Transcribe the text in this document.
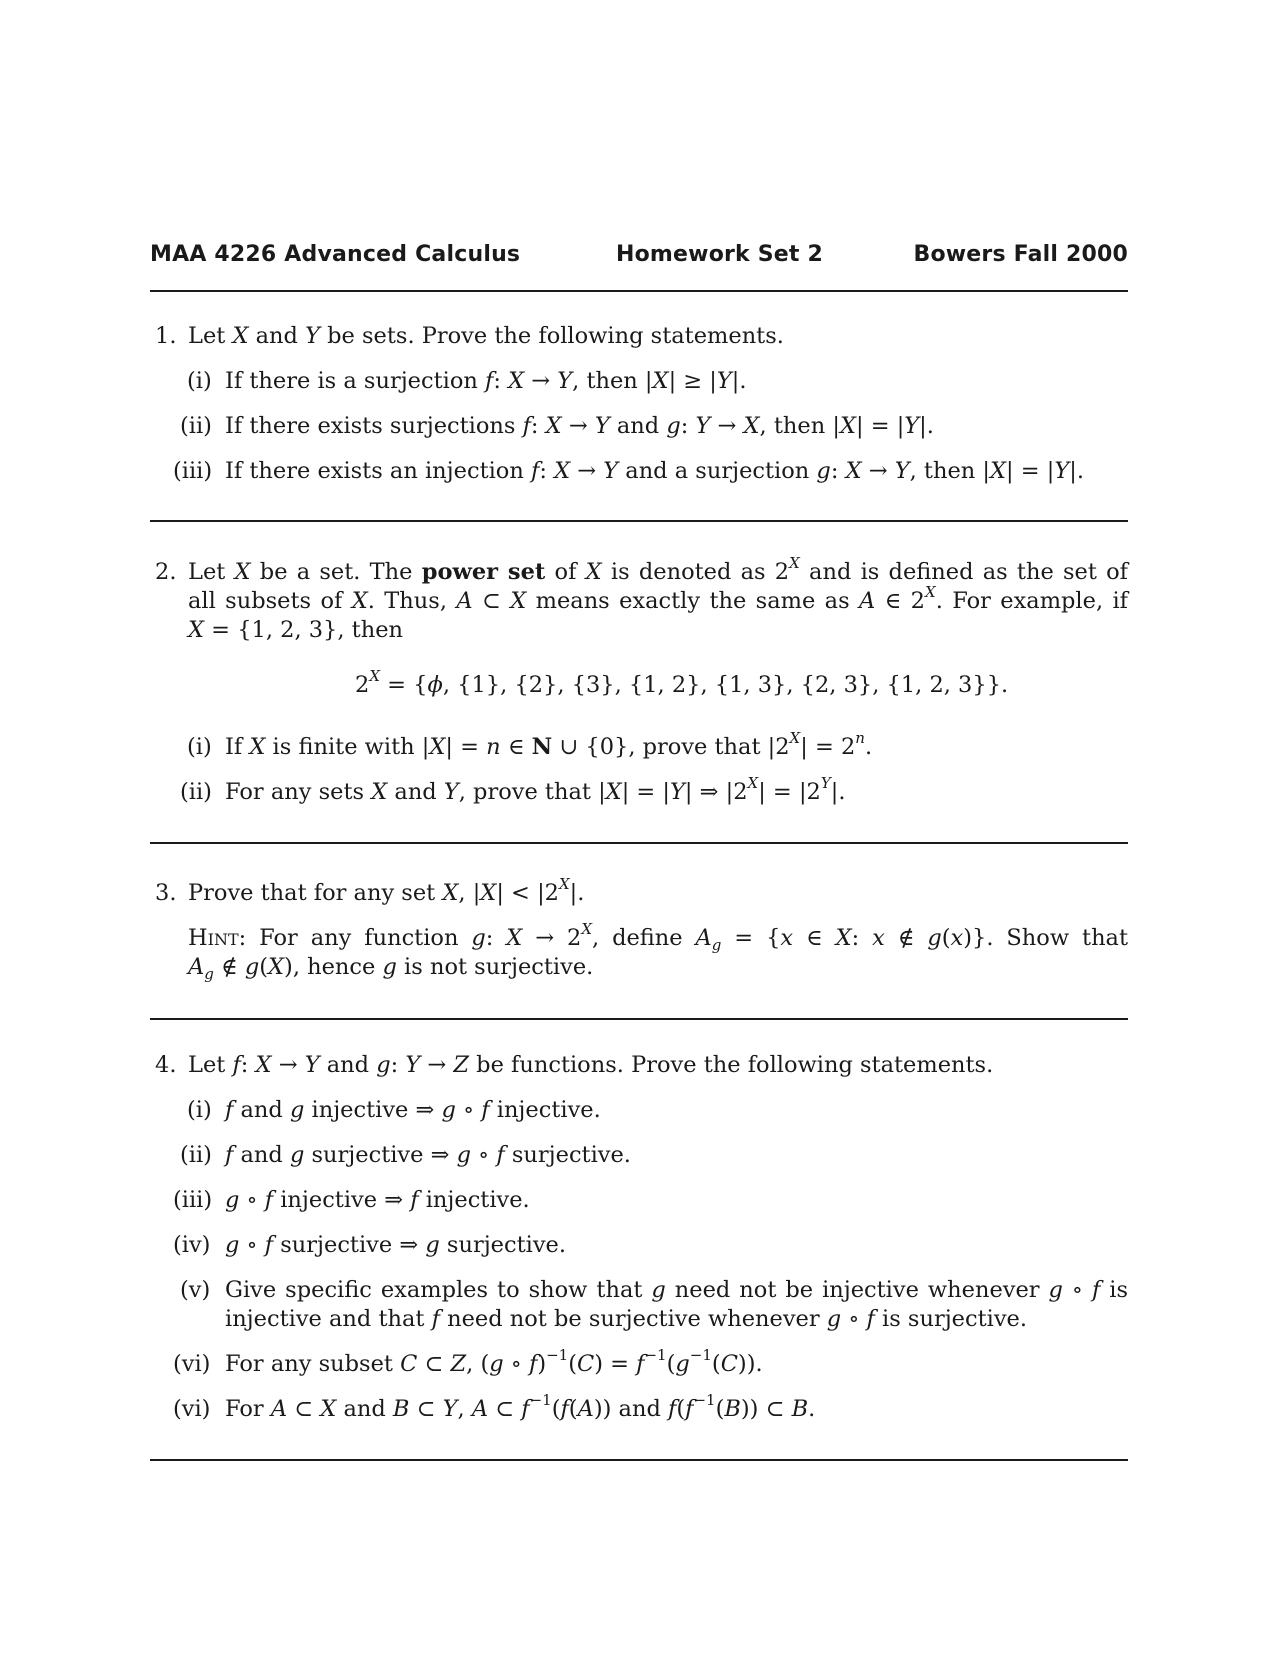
MAA 4226 Advanced Calculus	Homework Set 2	Bowers Fall 2000
1. Let X and Y be sets. Prove the following statements.
(i) If there is a surjection f: X → Y, then |X| ≥ |Y|.
(ii) If there exists surjections f: X → Y and g: Y → X, then |X| = |Y|.
(iii) If there exists an injection f: X → Y and a surjection g: X → Y, then |X| = |Y|.
2. Let X be a set. The power set of X is denoted as $2^X$ and is defined as the set of
all subsets of X. Thus, A ⊂ X means exactly the same as A ∈ $2^X$. For example, if
X = {1, 2, 3}, then
$2^X = \{\phi$, {1}, {2}, {3}, {1, 2}, {1, 3}, {2, 3}, {1, 2, 3}}.
(i) If X is finite with |X| = n ∈ N ∪ {0}, prove that $|2^X| = 2^n$.
(ii) For any sets X and Y, prove that |X| = |Y| ⇒ $|2^X| = |2^Y|$.
3. Prove that for any set X, $|X| < |2^X|$.
Hint: For any function g: $X \to 2^X$, define $A_g = \{x$ ∈ X: x ∉ g(x)}. Show that
$A_g$ ∉ g(X), hence g is not surjective.
4. Let f: X → Y and g: Y → Z be functions. Prove the following statements.
(i) f and g injective ⇒ g ∘ f injective.
(ii) f and g surjective ⇒ g ∘ f surjective.
(iii) g ∘ f injective ⇒ f injective.
(iv) g ∘ f surjective ⇒ g surjective.
(v) Give specific examples to show that g need not be injective whenever g ∘ f is
injective and that f need not be surjective whenever g ∘ f is surjective.
(vi) For any subset C ⊂ Z, (g ∘ $f)^{-1}(C) = f^{-1}(g^{-1}(C))$.
(vi) For A ⊂ X and B ⊂ Y, A ⊂ $f^{-1}(f(A))$ and $f(f^{-1}(B))$ ⊂ B.
